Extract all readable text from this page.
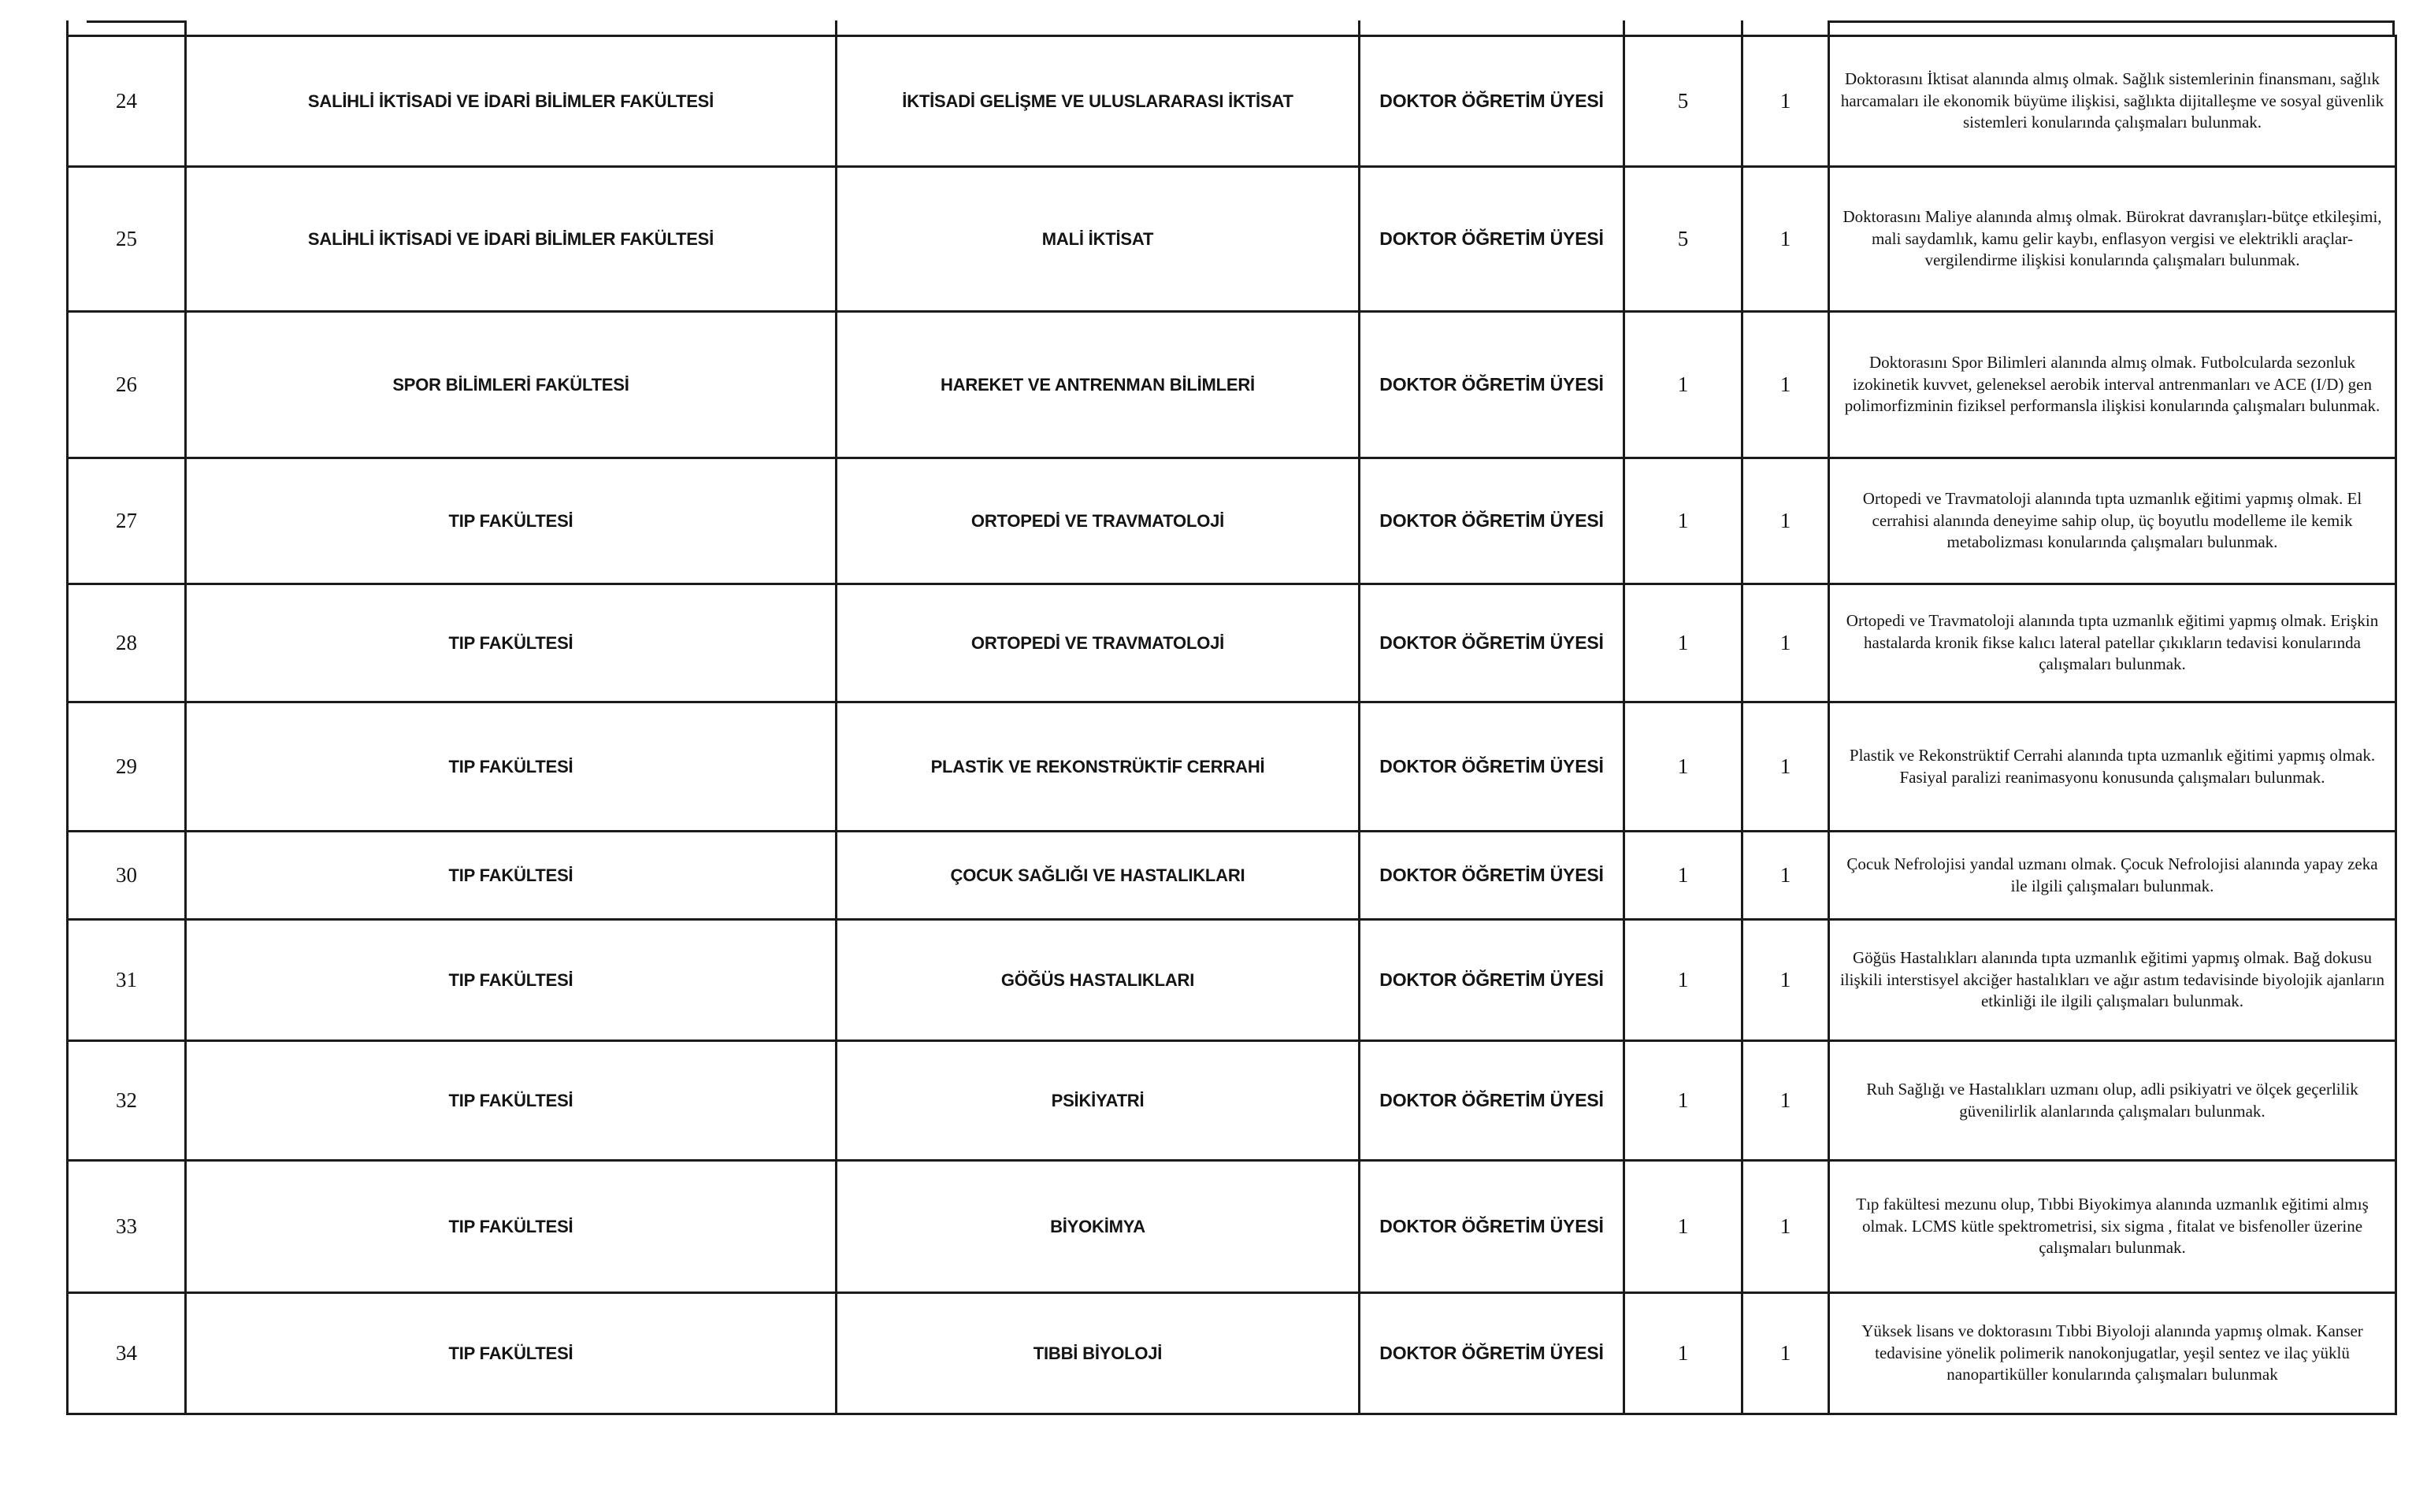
24	SALİHLİ İKTİSADİ VE İDARİ BİLİMLER FAKÜLTESİ	İKTİSADİ GELİŞME VE ULUSLARARASI İKTİSAT	DOKTOR ÖĞRETİM ÜYESİ	5	1	Doktorasını İktisat alanında almış olmak. Sağlık sistemlerinin finansmanı, sağlık harcamaları ile ekonomik büyüme ilişkisi, sağlıkta dijitalleşme ve sosyal güvenlik sistemleri konularında çalışmaları bulunmak.
25	SALİHLİ İKTİSADİ VE İDARİ BİLİMLER FAKÜLTESİ	MALİ İKTİSAT	DOKTOR ÖĞRETİM ÜYESİ	5	1	Doktorasını Maliye alanında almış olmak. Bürokrat davranışları-bütçe etkileşimi, mali saydamlık, kamu gelir kaybı, enflasyon vergisi ve elektrikli araçlar-vergilendirme ilişkisi konularında çalışmaları bulunmak.
26	SPOR BİLİMLERİ FAKÜLTESİ	HAREKET VE ANTRENMAN BİLİMLERİ	DOKTOR ÖĞRETİM ÜYESİ	1	1	Doktorasını Spor Bilimleri alanında almış olmak. Futbolcularda sezonluk izokinetik kuvvet, geleneksel aerobik interval antrenmanları ve ACE (I/D) gen polimorfizminin fiziksel performansla ilişkisi konularında çalışmaları bulunmak.
27	TIP FAKÜLTESİ	ORTOPEDİ VE TRAVMATOLOJİ	DOKTOR ÖĞRETİM ÜYESİ	1	1	Ortopedi ve Travmatoloji alanında tıpta uzmanlık eğitimi yapmış olmak. El cerrahisi alanında deneyime sahip olup, üç boyutlu modelleme ile kemik metabolizması konularında çalışmaları bulunmak.
28	TIP FAKÜLTESİ	ORTOPEDİ VE TRAVMATOLOJİ	DOKTOR ÖĞRETİM ÜYESİ	1	1	Ortopedi ve Travmatoloji alanında tıpta uzmanlık eğitimi yapmış olmak. Erişkin hastalarda kronik fikse kalıcı lateral patellar çıkıkların tedavisi konularında çalışmaları bulunmak.
29	TIP FAKÜLTESİ	PLASTİK VE REKONSTRÜKTİF CERRAHİ	DOKTOR ÖĞRETİM ÜYESİ	1	1	Plastik ve Rekonstrüktif Cerrahi alanında tıpta uzmanlık eğitimi yapmış olmak. Fasiyal paralizi reanimasyonu konusunda çalışmaları bulunmak.
30	TIP FAKÜLTESİ	ÇOCUK SAĞLIĞI VE HASTALIKLARI	DOKTOR ÖĞRETİM ÜYESİ	1	1	Çocuk Nefrolojisi yandal uzmanı olmak. Çocuk Nefrolojisi alanında yapay zeka ile ilgili çalışmaları bulunmak.
31	TIP FAKÜLTESİ	GÖĞÜS HASTALIKLARI	DOKTOR ÖĞRETİM ÜYESİ	1	1	Göğüs Hastalıkları alanında tıpta uzmanlık eğitimi yapmış olmak. Bağ dokusu ilişkili interstisyel akciğer hastalıkları ve ağır astım tedavisinde biyolojik ajanların etkinliği ile ilgili çalışmaları bulunmak.
32	TIP FAKÜLTESİ	PSİKİYATRİ	DOKTOR ÖĞRETİM ÜYESİ	1	1	Ruh Sağlığı ve Hastalıkları uzmanı olup, adli psikiyatri ve ölçek geçerlilik güvenilirlik alanlarında çalışmaları bulunmak.
33	TIP FAKÜLTESİ	BİYOKİMYA	DOKTOR ÖĞRETİM ÜYESİ	1	1	Tıp fakültesi mezunu olup, Tıbbi Biyokimya alanında uzmanlık eğitimi almış olmak. LCMS kütle spektrometrisi, six sigma , fitalat ve bisfenoller üzerine çalışmaları bulunmak.
34	TIP FAKÜLTESİ	TIBBİ BİYOLOJİ	DOKTOR ÖĞRETİM ÜYESİ	1	1	Yüksek lisans ve doktorasını Tıbbi Biyoloji alanında yapmış olmak. Kanser tedavisine yönelik polimerik nanokonjugatlar, yeşil sentez ve ilaç yüklü nanopartiküller konularında çalışmaları bulunmak
